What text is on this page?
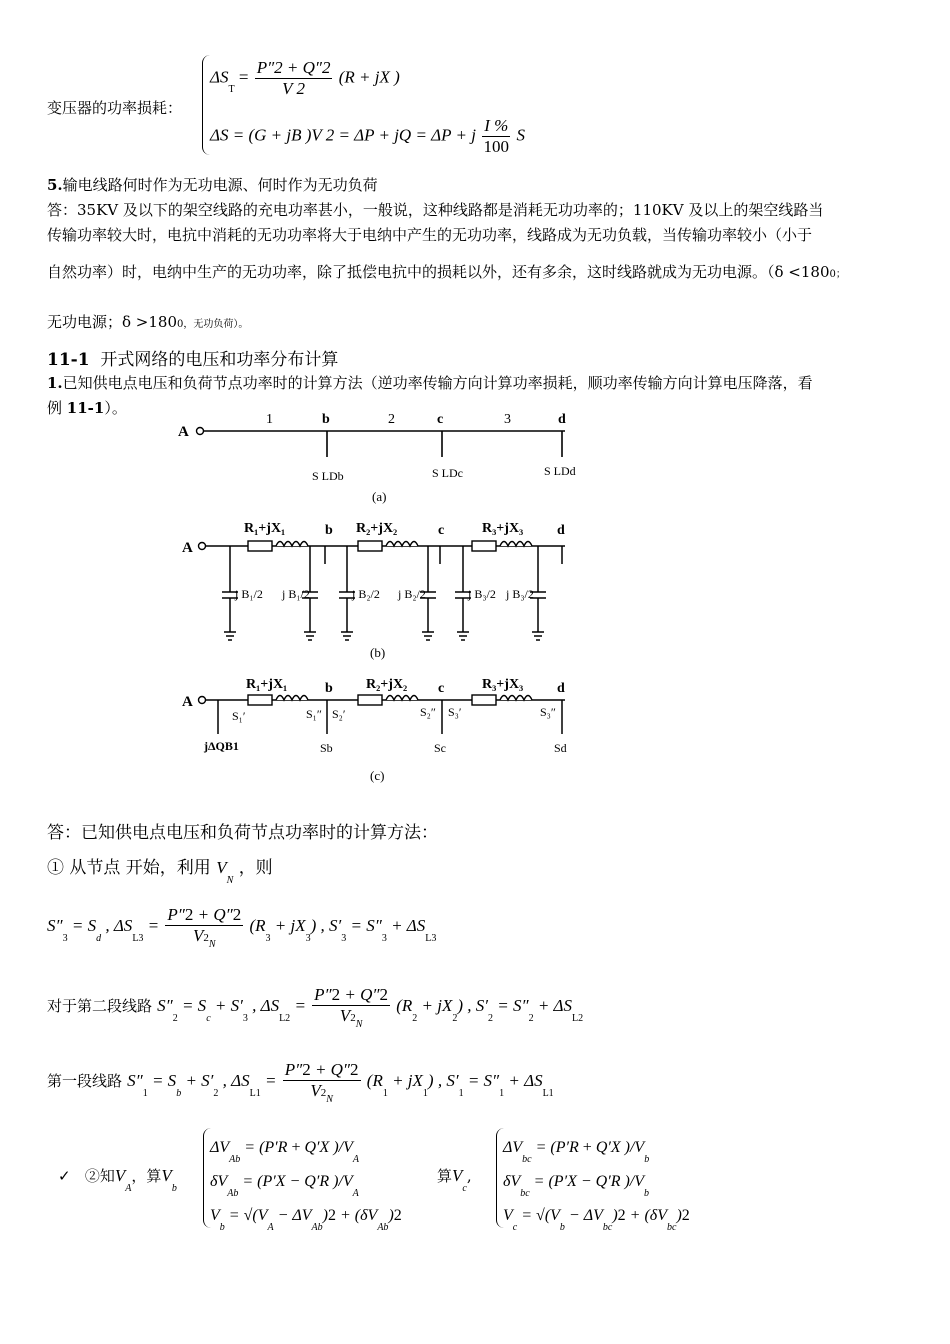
变压器的功率损耗：
$\Delta S_T = \frac{P''2 + Q''2}{V 2} (R$ + jX )
ΔS = (G + jB )V 2 = ΔP + jQ = ΔP + j $\frac{I \%}{100}$ S
5.输电线路何时作为无功电源、何时作为无功负荷
答：35KV 及以下的架空线路的充电功率甚小，一般说，这种线路都是消耗无功功率的；110KV 及以上的架空线路当
传输功率较大时，电抗中消耗的无功功率将大于电纳中产生的无功功率，线路成为无功负载，当传输功率较小（小于
自然功率）时，电纳中生产的无功功率，除了抵偿电抗中的损耗以外，还有多余，这时线路就成为无功电源。（δ <1800；
无功电源；δ >1800，无功负荷）。
11-1 开式网络的电压和功率分布计算
1.已知供电点电压和负荷节点功率时的计算方法（逆功率传输方向计算功率损耗，顺功率传输方向计算电压降落，看
例 11-1）。
A
1	2	3
b	c	d
S LDb	S LDc	S LDd
(a)
A
R₁+jX₁	R₂+jX₂	R₃+jX₃
b	c	d
j B₁/2 j B₁/2	j B₂/2 j B₂/2	j B₃/2 j B₃/2
(b)
A
R₁+jX₁	R₂+jX₂	R₃+jX₃
b	c	d
S₁′	S₁″ S₂′	S₂″ S₃′	S₃″
jΔQB1	Sb	Sc	Sd
(c)
答：已知供电点电压和负荷节点功率时的计算方法：
① 从节点 开始，利用 $V_N$ ，则
$S''_3 = S_d$ , $\Delta S_{L3} = \frac{P''2 + Q''2}{V2_N} (R_3 + jX_3)$ , $S'_3 = S''_3 + \Delta S_{L3}$
对于第二段线路 $S''_2 = S_c + S'_3$ , $\Delta S_{L2} = \frac{P''2 + Q''2}{V2_N} (R_2 + jX_2)$ , $S'_2 = S''_2 + \Delta S_{L2}$
第一段线路 $S''_1 = S_b + S'_2$ , $\Delta S_{L1} = \frac{P''2 + Q''2}{V2_N} (R_1 + jX_1)$ , $S'_1 = S''_1 + \Delta S_{L1}$
✓ ②知$V_A$，算$V_b$
$\Delta V_{Ab} = (P'R + Q'X$ )$/V_A$
$\delta V_{Ab} = (P'X - Q'R$ )$/V_A$
$V_b = √(V_A - \Delta V_{Ab})2 + (\delta V_{Ab})2$
算$V_c$,
$\Delta V_{bc} = (P'R + Q'X$ )$/V_b$
$\delta V_{bc} = (P'X - Q'R$ )$/V_b$
$V_c = √(V_b - \Delta V_{bc})2 + (\delta V_{bc})2$
